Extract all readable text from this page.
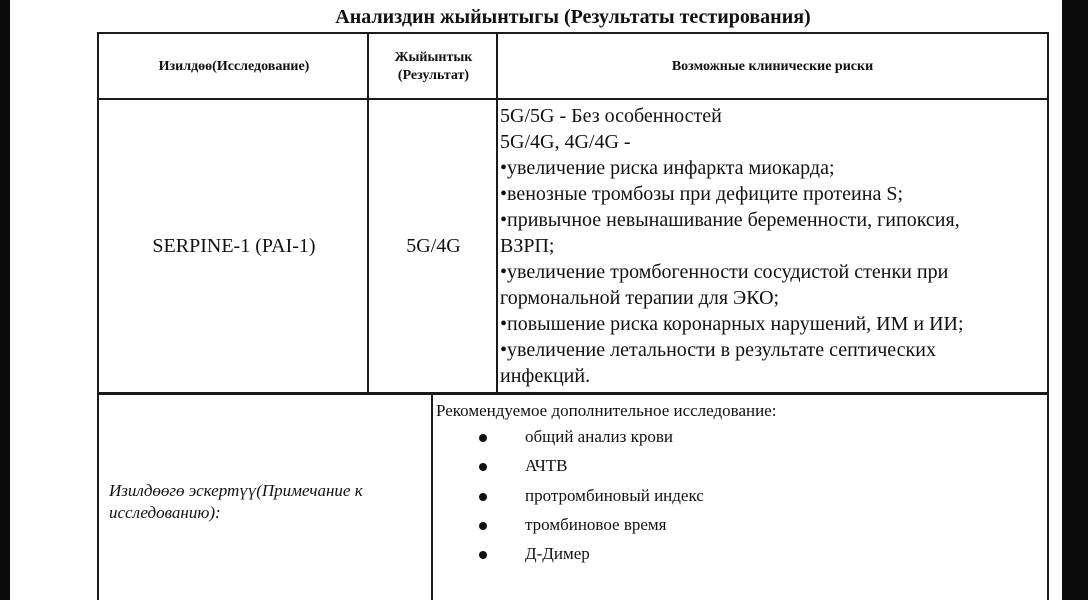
Анализдин жыйынтыгы (Результаты тестирования)
Изилдөө(Исследование)
Жыйынтык
(Результат)
Возможные клинические риски
SERPINE-1 (PAI-1)	5G/4G
5G/5G - Без особенностей
5G/4G, 4G/4G -
•увеличение риска инфаркта миокарда;
•венозные тромбозы при дефиците протеина S;
•привычное невынашивание беременности, гипоксия,
ВЗРП;
•увеличение тромбогенности сосудистой стенки при
гормональной терапии для ЭКО;
•повышение риска коронарных нарушений, ИМ и ИИ;
•увеличение летальности в результате септических
инфекций.
Изилдөөгө эскертүү(Примечание к исследованию):
Рекомендуемое дополнительное исследование:
общий анализ крови
АЧТВ
протромбиновый индекс
тромбиновое время
Д-Димер
